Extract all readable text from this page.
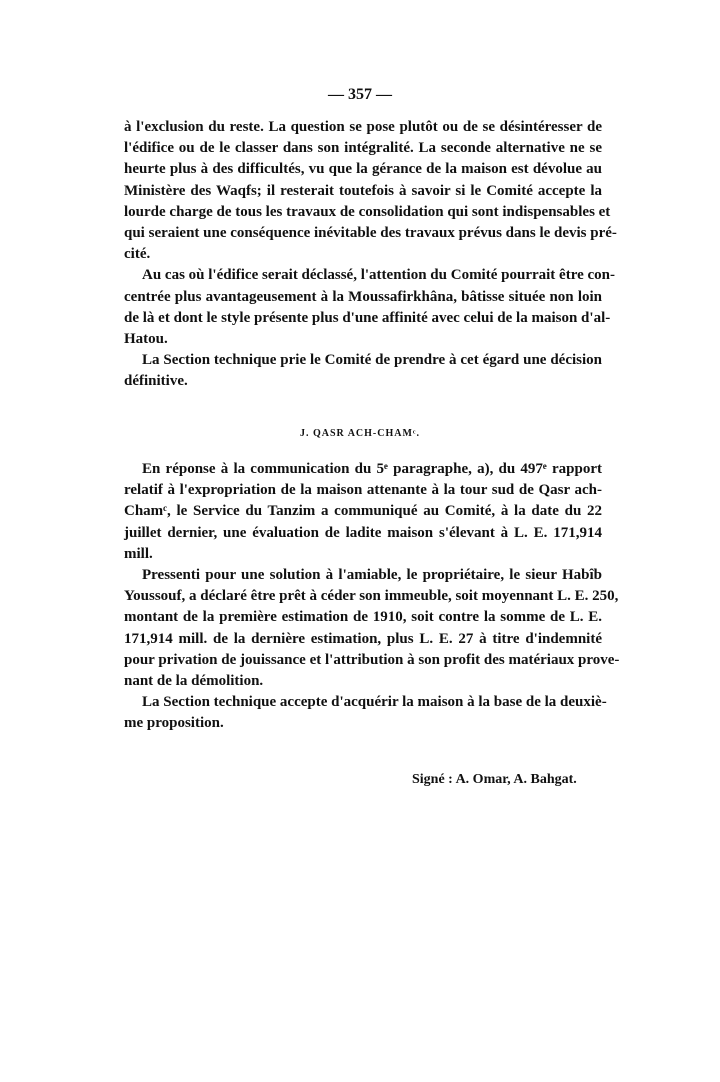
— 357 —
à l'exclusion du reste. La question se pose plutôt ou de se désintéresser de
l'édifice ou de le classer dans son intégralité. La seconde alternative ne se
heurte plus à des difficultés, vu que la gérance de la maison est dévolue au
Ministère des Waqfs; il resterait toutefois à savoir si le Comité accepte la
lourde charge de tous les travaux de consolidation qui sont indispensables et
qui seraient une conséquence inévitable des travaux prévus dans le devis pré-
cité.
Au cas où l'édifice serait déclassé, l'attention du Comité pourrait être con-
centrée plus avantageusement à la Moussafirkhâna, bâtisse située non loin
de là et dont le style présente plus d'une affinité avec celui de la maison d'al-
Hatou.
La Section technique prie le Comité de prendre à cet égard une décision
définitive.
J. QASR ACH-CHAMᶜ.
En réponse à la communication du 5ᵉ paragraphe, a), du 497ᵉ rapport
relatif à l'expropriation de la maison attenante à la tour sud de Qasr ach-
Chamᶜ, le Service du Tanzim a communiqué au Comité, à la date du 22
juillet dernier, une évaluation de ladite maison s'élevant à L. E. 171,914
mill.
Pressenti pour une solution à l'amiable, le propriétaire, le sieur Habîb
Youssouf, a déclaré être prêt à céder son immeuble, soit moyennant L. E. 250,
montant de la première estimation de 1910, soit contre la somme de L. E.
171,914 mill. de la dernière estimation, plus L. E. 27 à titre d'indemnité
pour privation de jouissance et l'attribution à son profit des matériaux prove-
nant de la démolition.
La Section technique accepte d'acquérir la maison à la base de la deuxiè-
me proposition.
Signé : A. Omar, A. Bahgat.
